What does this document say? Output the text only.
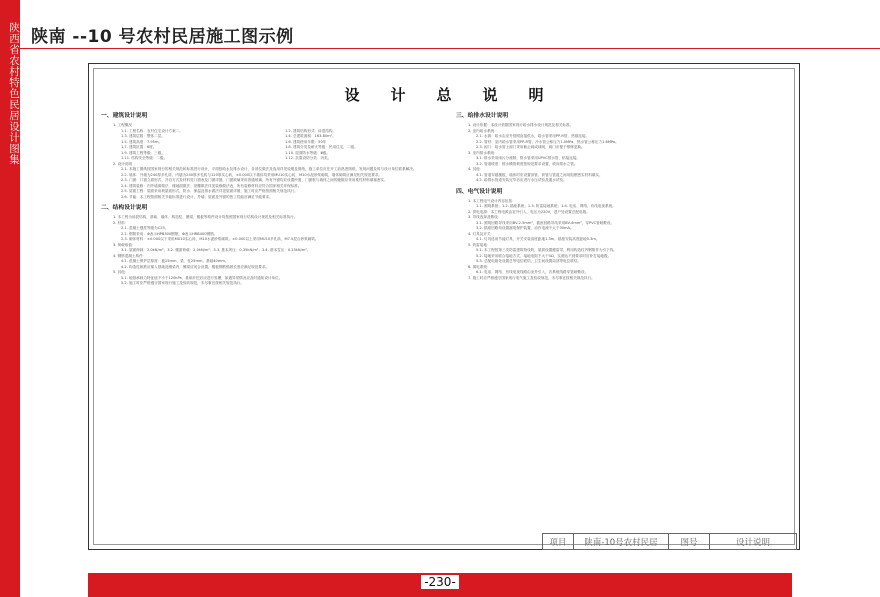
陕西省农村特色民居设计图集 陕南 --10 号农村民居施工图示例
设计总说明
一、建筑设计说明

1. 工程概况

1.1. 工程名称：农村住宅设计方案二。	1.2. 建筑结构形式：砖混结构。
1.3. 建筑层数：整体二层。	1.4. 总建筑面积：163.80m²。
1.5. 建筑高度：7.95m。	1.6. 建筑使用年限：50年
1.7. 建筑抗震：6度。	1.8. 建筑分类及耐火等级：民用住宅，二级。
1.9. 建筑工程等级：三级。	1.10. 屋面防水等级：Ⅲ级。
1.11. 结构安全等级：二级。	1.12. 抗震设防分类：丙类。

2. 设计说明

2.1. 本施工图纸按国家现行的相关规范和标准进行设计，平面按给水及排水设计，各部位做法及选用详见说明及图纸，施工单位应在开工前熟悉图纸，发现问题及时与设计单位联系解决。

2.2. 墙体：外墙为240厚多孔砖，内墙为240厚多孔砖与120厚实心砖，±0.000以下墙体均采用MU10实心砖，M10水泥砂浆砌筑，墙体砌筑应满足相关规范要求。

2.3. 门窗：门窗立面形式、开启方式及材料见门窗表及门窗详图，门窗玻璃采用普通玻璃，所有外窗均应设置纱窗，门窗框与墙体之间的缝隙应采用柔性材料填塞密实。

2.4. 建筑装修：内外墙面做法、楼地面做法、顶棚做法详见装修做法表，所有装修材料应符合国家相关环保标准。

2.5. 屋面工程：屋面采用坡屋面形式，防水、保温及排水做法详见屋面详图，施工时应严格按照相关规范执行。

2.6. 节能：本工程按照相关节能标准进行设计，外墙、屋面及外窗的热工性能应满足节能要求。

二、结构设计说明

1. 本工程为砖混结构，基础、墙体、构造柱、圈梁、楼板等构件设计均按照国家现行结构设计规范及相关标准执行。

2. 材料：

2.1. 混凝土强度等级为C25。

2.2. 钢筋采用：Φ表示HPB300钢筋，Φ表示HRB400钢筋。

2.3. 砌体材料：±0.000以下采用MU10实心砖，M10水泥砂浆砌筑；±0.000以上采用MU10多孔砖，M7.5混合砂浆砌筑。

3. 荷载取值：

3.1. 屋面荷载：2.0kN/m²；3.2. 楼面荷载：2.0kN/m²；3.3. 基本风压：0.35kN/m²；3.4. 基本雪压：0.25kN/m²。

4. 钢筋混凝土构件：

4.1. 混凝土保护层厚度：板15mm，梁、柱25mm，基础40mm。

4.2. 构造柱纵筋应锚入基础及圈梁内，圈梁应闭合设置，楼板钢筋锚固长度应满足规范要求。

5. 其他：

5.1. 地基承载力特征值不小于120kPa，基础开挖后应进行验槽，如遇异常情况应及时通知设计单位。

5.2. 施工时应严格遵守国家现行施工及验收规范，未尽事宜按相关规范执行。

三、给排水设计说明

1. 设计依据：本设计依据国家现行给水排水设计规范及相关标准。

2. 室内给水系统：

2.1. 水源：给水由室外管网直接供水，给水管采用PP-R管，热熔连接。

2.2. 管材：室内给水管采用PP-R管，冷水管公称压力1.0MPa，热水管公称压力1.6MPa。

2.3. 阀门：给水管上阀门采用截止阀或球阀，阀门应便于维修更换。

3. 室内排水系统：

3.1. 排水采用雨污分流制，排水管采用UPVC排水管，粘接连接。

3.2. 管道坡度：排水横管坡度按规范要求设置，坡向排水立管。

4. 其他：

4.1. 管道穿越楼板、墙体时应设置套管，套管与管道之间用阻燃密实材料填实。

4.2. 给排水管道安装完毕后应进行水压试验及通水试验。

四、电气设计说明

1. 本工程电气设计内容包括：

1.1. 照明系统；1.2. 插座系统；1.3. 防雷接地系统；1.4. 电话、网络、有线电视系统。

2. 供电电源：本工程电源由室外引入，电压为220V，进户处设置总配电箱。

3. 导线选择及敷设：

3.1. 照明回路导线采用BV-2.5mm²，插座回路导线采用BV-4mm²，穿PVC管暗敷设。

3.2. 插座回路均设置漏电保护装置，动作电流不大于30mA。

4. 灯具及开关：

4.1. 灯具选用节能灯具，开关安装高度距地1.3m，插座安装高度距地0.3m。

5. 防雷接地：

5.1. 本工程按第三类防雷建筑物设防，屋面设置避雷带，利用构造柱内钢筋作为引下线。

5.2. 接地采用联合接地方式，接地电阻不大于4Ω，实测达不到要求时应补打接地极。

5.3. 总配电箱处设置总等电位联结，卫生间设置局部等电位联结。

6. 弱电系统：

6.1. 电话、网络、有线电视线路由室外引入，各系统线路穿管暗敷设。

7. 施工时应严格遵守国家现行电气施工及验收规范，未尽事宜按相关规范执行。

项目	陕南-10号农村民居	图号	设计说明
-230-
